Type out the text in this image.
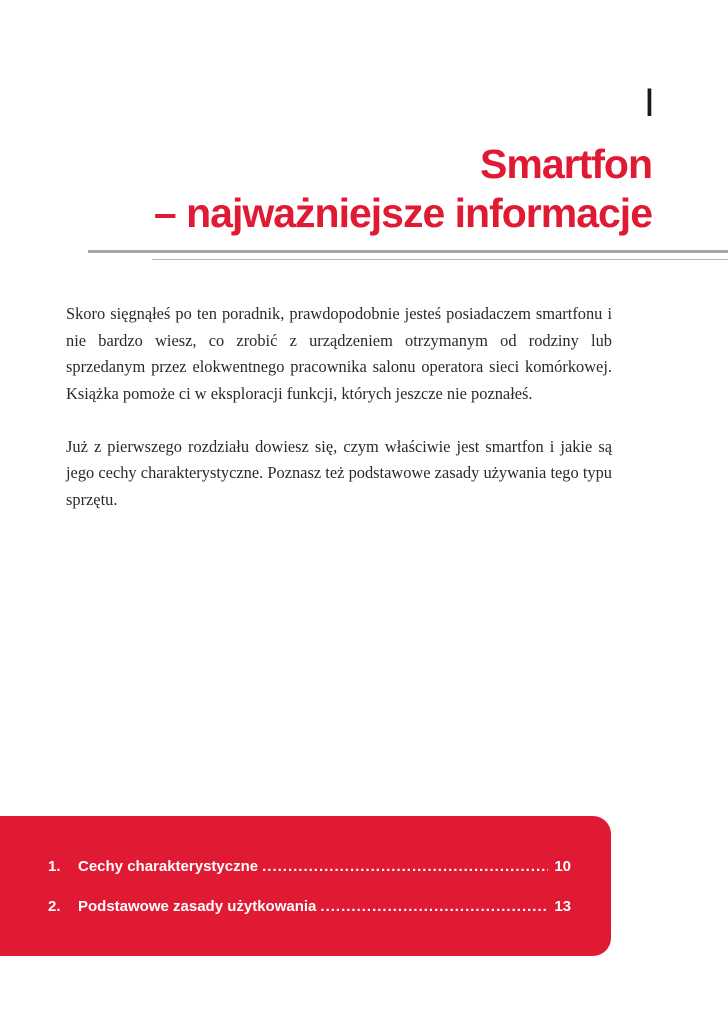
I
Smartfon
– najważniejsze informacje

Skoro sięgnąłeś po ten poradnik, prawdopodobnie jesteś posiadaczem smartfonu i nie bardzo wiesz, co zrobić z urządzeniem otrzymanym od rodziny lub sprzedanym przez elokwentnego pracownika salonu operatora sieci komórkowej. Książka pomoże ci w eksploracji funkcji, których jeszcze nie poznałeś.

Już z pierwszego rozdziału dowiesz się, czym właściwie jest smartfon i jakie są jego cechy charakterystyczne. Poznasz też podstawowe zasady używania tego typu sprzętu.

1.	Cechy charakterystyczne .....	10
2.	Podstawowe zasady użytkowania .....	13
